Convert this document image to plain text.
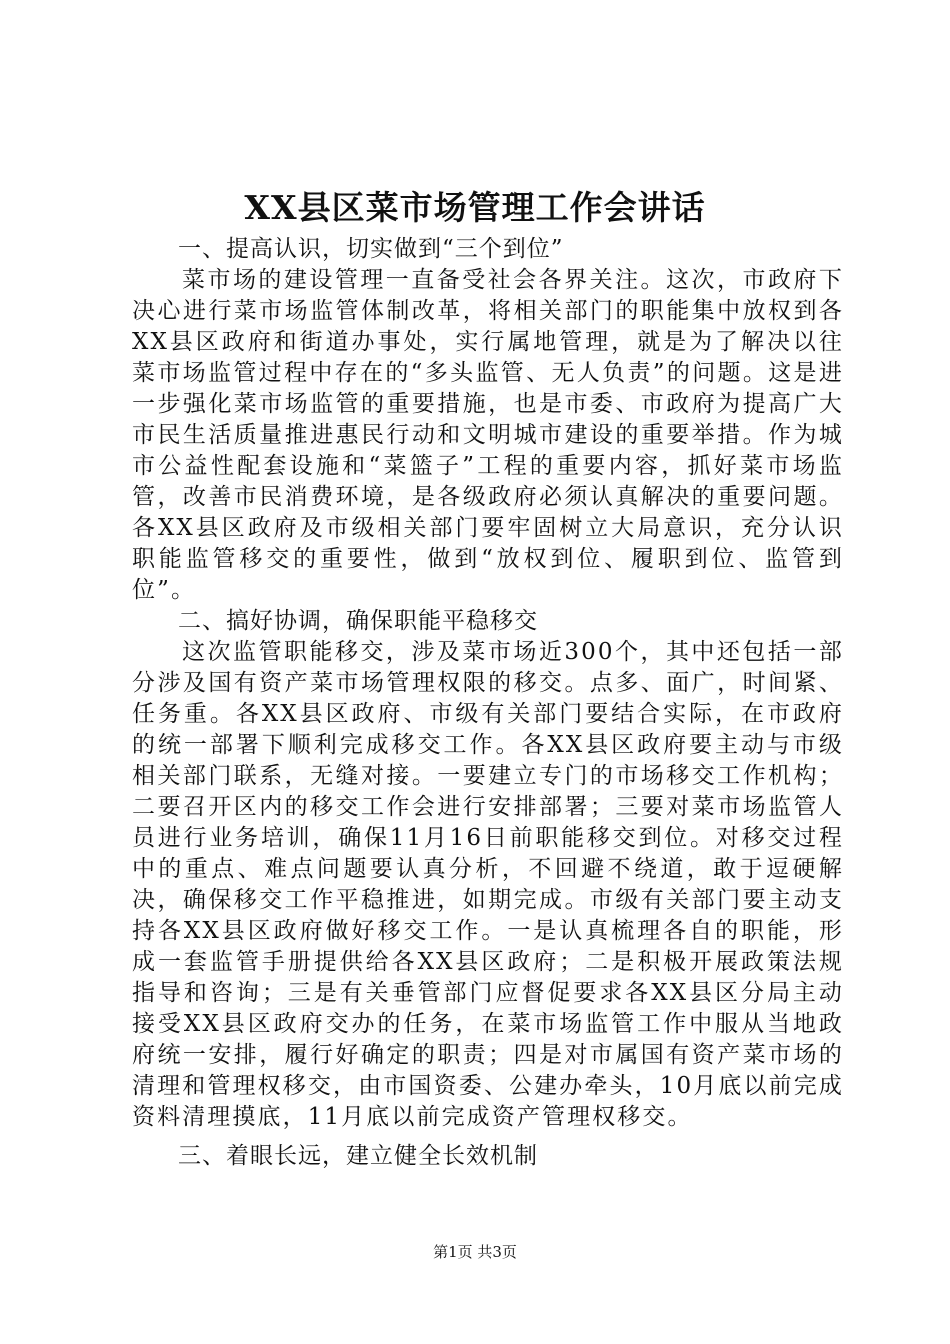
XX县区菜市场管理工作会讲话

一、提高认识，切实做到“三个到位”

菜市场的建设管理一直备受社会各界关注。这次，市政府下决心进行菜市场监管体制改革，将相关部门的职能集中放权到各XX县区政府和街道办事处，实行属地管理，就是为了解决以往菜市场监管过程中存在的“多头监管、无人负责”的问题。这是进一步强化菜市场监管的重要措施，也是市委、市政府为提高广大市民生活质量推进惠民行动和文明城市建设的重要举措。作为城市公益性配套设施和“菜篮子”工程的重要内容，抓好菜市场监管，改善市民消费环境，是各级政府必须认真解决的重要问题。各XX县区政府及市级相关部门要牢固树立大局意识，充分认识职能监管移交的重要性，做到“放权到位、履职到位、监管到位”。

二、搞好协调，确保职能平稳移交

这次监管职能移交，涉及菜市场近300个，其中还包括一部分涉及国有资产菜市场管理权限的移交。点多、面广，时间紧、任务重。各XX县区政府、市级有关部门要结合实际，在市政府的统一部署下顺利完成移交工作。各XX县区政府要主动与市级相关部门联系，无缝对接。一要建立专门的市场移交工作机构；二要召开区内的移交工作会进行安排部署；三要对菜市场监管人员进行业务培训，确保11月16日前职能移交到位。对移交过程中的重点、难点问题要认真分析，不回避不绕道，敢于逗硬解决，确保移交工作平稳推进，如期完成。市级有关部门要主动支持各XX县区政府做好移交工作。一是认真梳理各自的职能，形成一套监管手册提供给各XX县区政府；二是积极开展政策法规指导和咨询；三是有关垂管部门应督促要求各XX县区分局主动接受XX县区政府交办的任务，在菜市场监管工作中服从当地政府统一安排，履行好确定的职责；四是对市属国有资产菜市场的清理和管理权移交，由市国资委、公建办牵头，10月底以前完成资料清理摸底，11月底以前完成资产管理权移交。

三、着眼长远，建立健全长效机制

第1页 共3页
